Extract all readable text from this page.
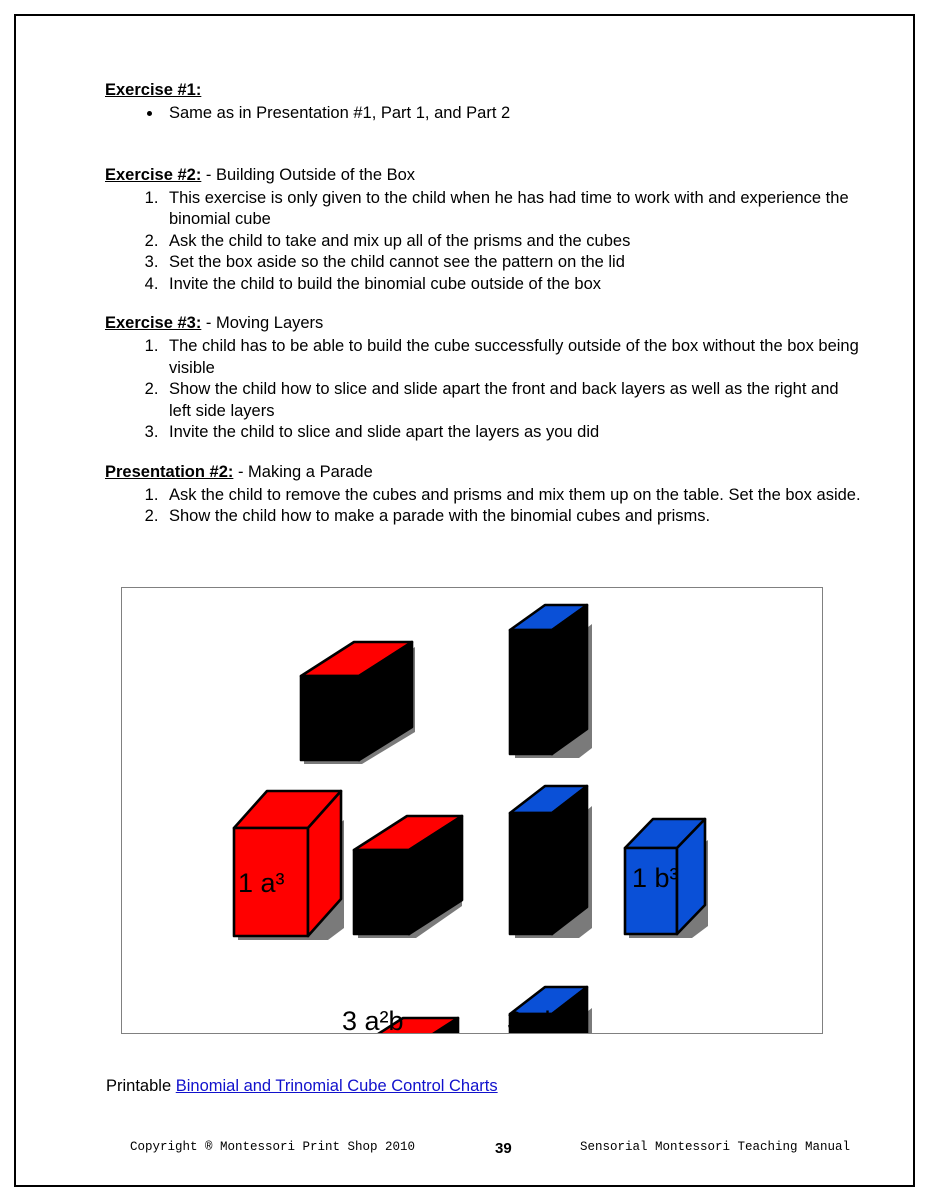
Exercise #1:

• Same as in Presentation #1, Part 1, and Part 2

Exercise #2: - Building Outside of the Box

1. This exercise is only given to the child when he has had time to work with and experience the binomial cube
2. Ask the child to take and mix up all of the prisms and the cubes
3. Set the box aside so the child cannot see the pattern on the lid
4. Invite the child to build the binomial cube outside of the box

Exercise #3: - Moving Layers

1. The child has to be able to build the cube successfully outside of the box without the box being visible
2. Show the child how to slice and slide apart the front and back layers as well as the right and left side layers
3. Invite the child to slice and slide apart the layers as you did

Presentation #2: - Making a Parade

1. Ask the child to remove the cubes and prisms and mix them up on the table. Set the box aside.
2. Show the child how to make a parade with the binomial cubes and prisms.
1 a³	1 b³
3 a²b	3 ab²
Printable Binomial and Trinomial Cube Control Charts
Copyright ® Montessori Print Shop 2010	39	Sensorial Montessori Teaching Manual
